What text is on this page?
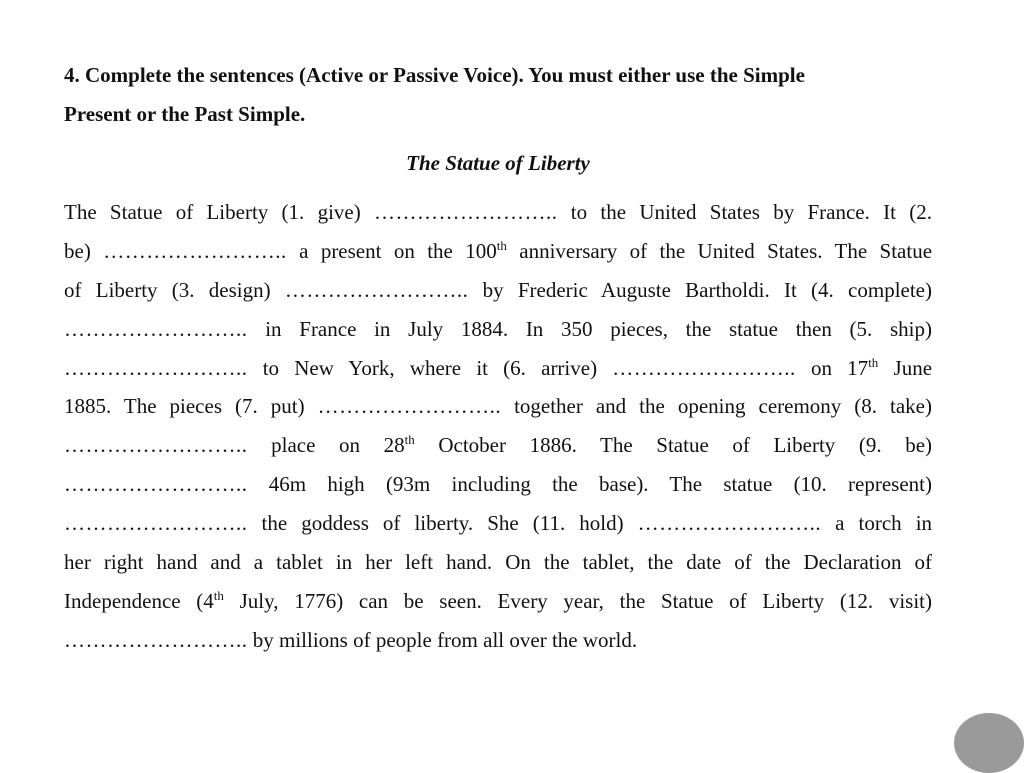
4. Complete the sentences (Active or Passive Voice). You must either use the Simple
Present or the Past Simple.

The Statue of Liberty

The Statue of Liberty (1. give) …………………….. to the United States by France. It (2.
be) …………………….. a present on the 100th anniversary of the United States. The Statue
of Liberty (3. design) …………………….. by Frederic Auguste Bartholdi. It (4. complete)
…………………….. in France in July 1884. In 350 pieces, the statue then (5. ship)
…………………….. to New York, where it (6. arrive) …………………….. on 17th June
1885. The pieces (7. put) …………………….. together and the opening ceremony (8. take)
…………………….. place on 28th October 1886. The Statue of Liberty (9. be)
…………………….. 46m high (93m including the base). The statue (10. represent)
…………………….. the goddess of liberty. She (11. hold) …………………….. a torch in
her right hand and a tablet in her left hand. On the tablet, the date of the Declaration of
Independence (4th July, 1776) can be seen. Every year, the Statue of Liberty (12. visit)
…………………….. by millions of people from all over the world.
